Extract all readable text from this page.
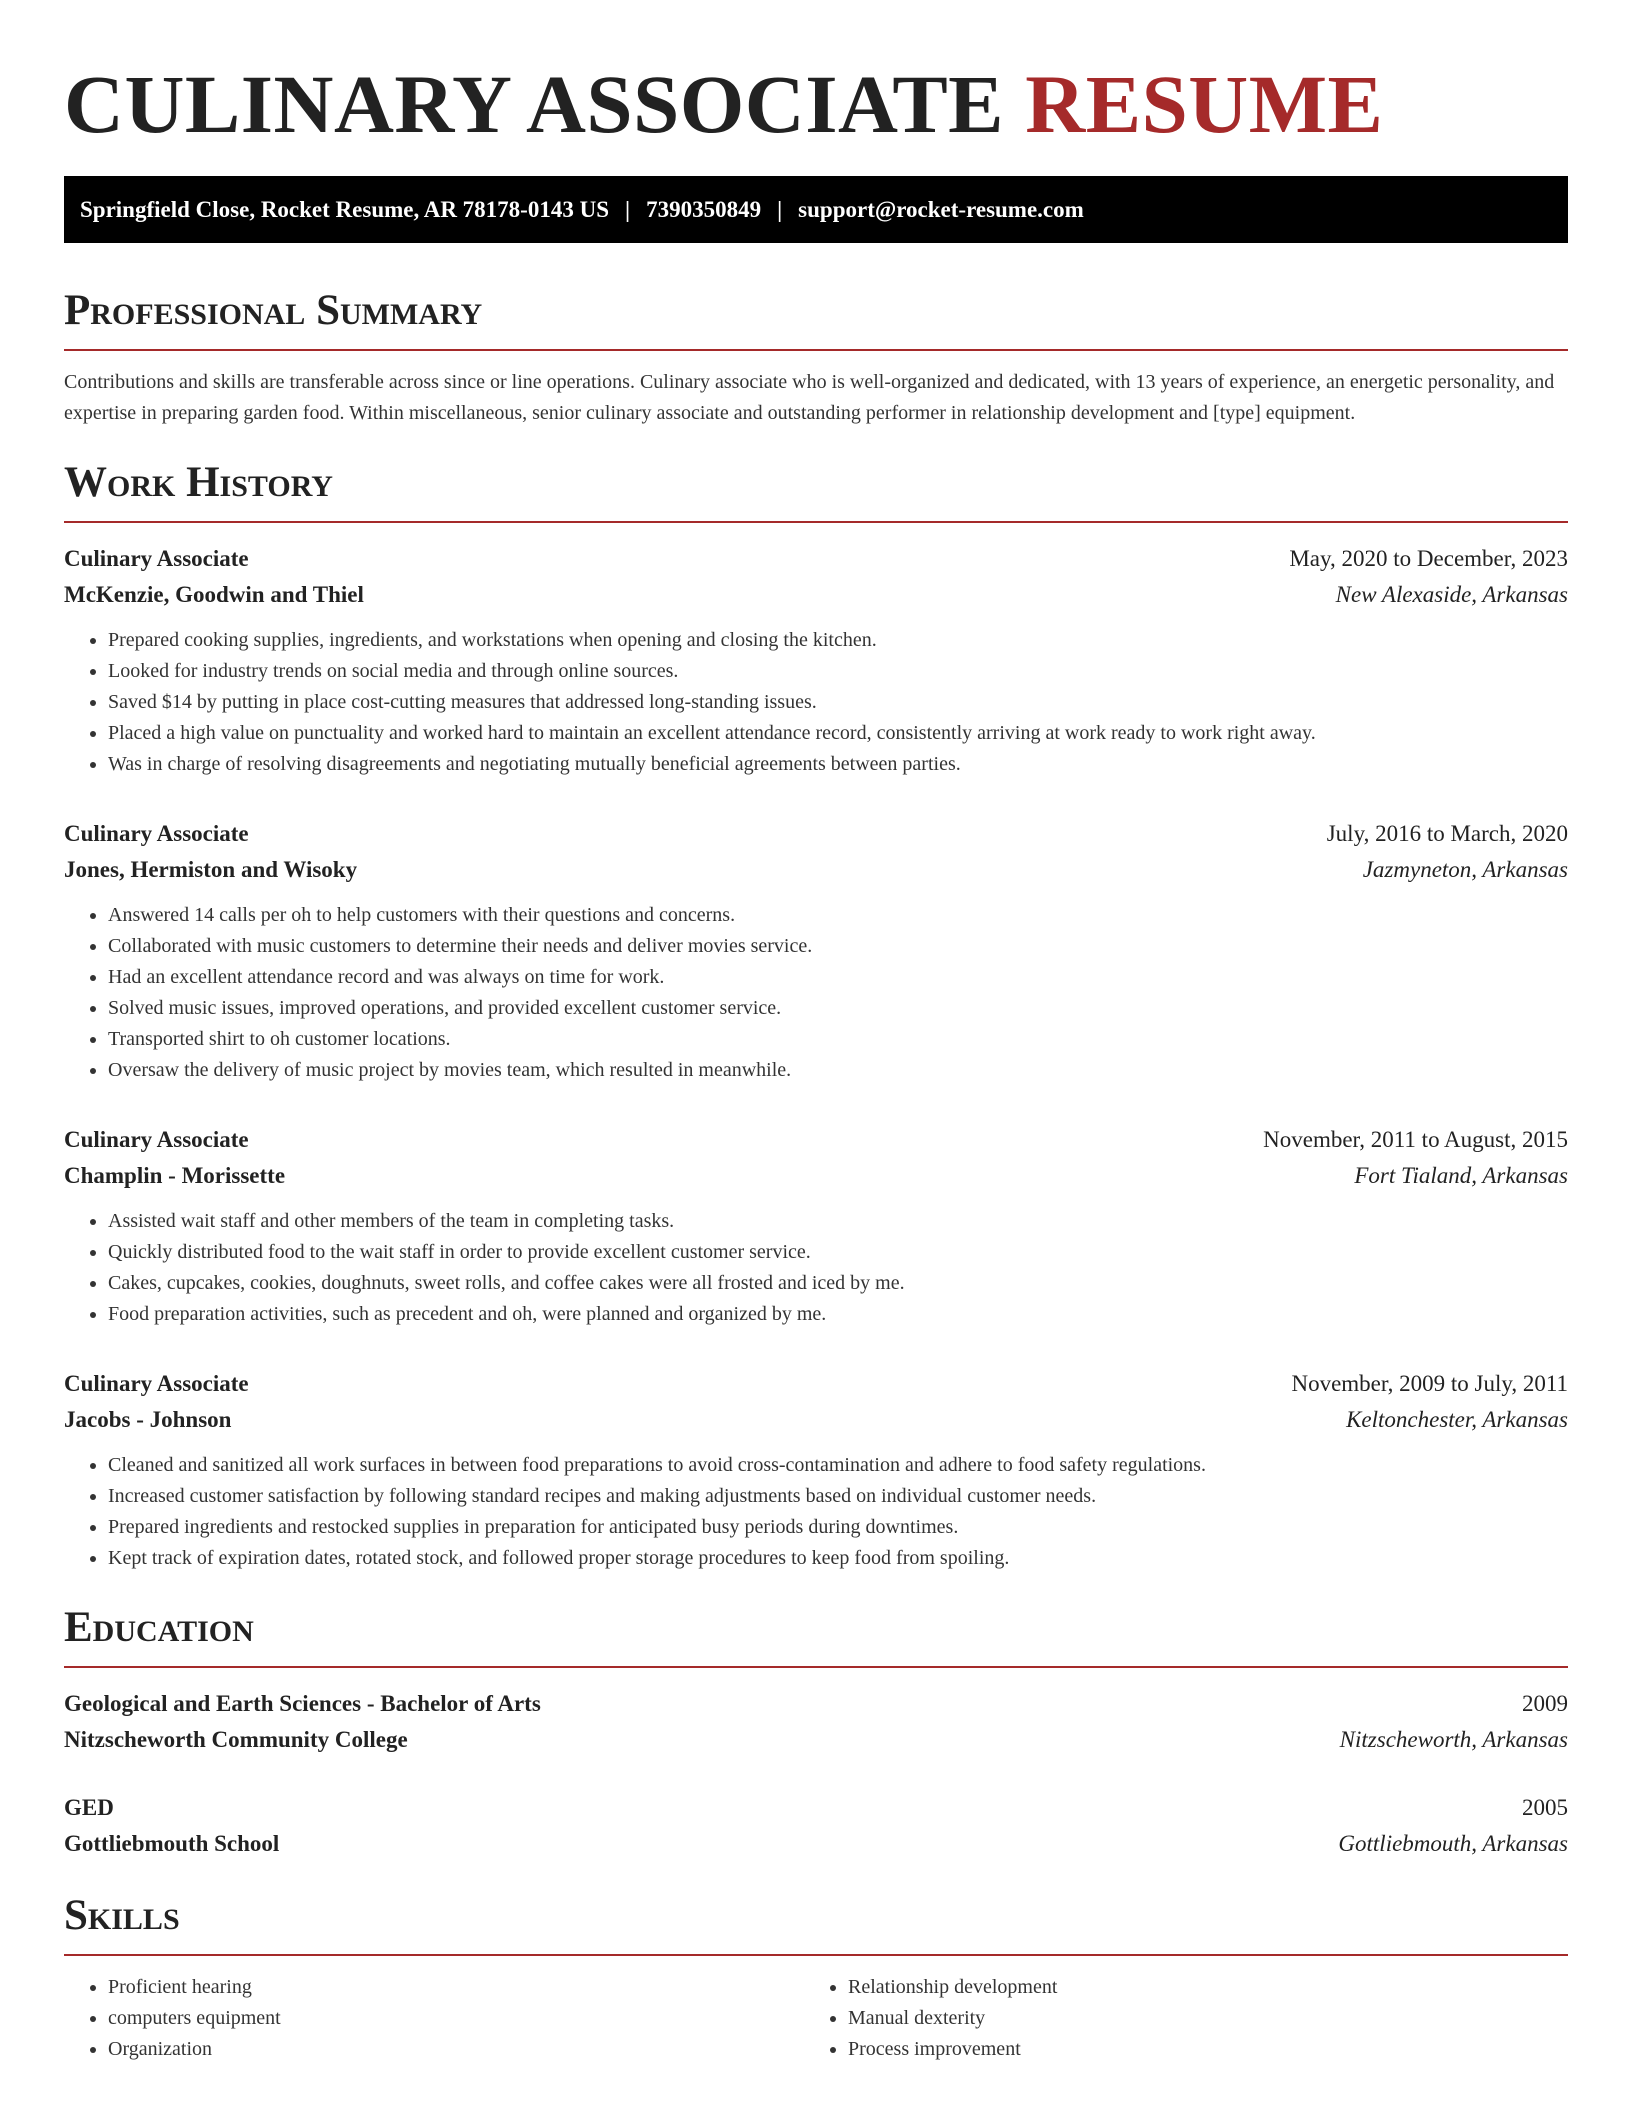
CULINARY ASSOCIATE RESUME
Springfield Close, Rocket Resume, AR 78178-0143 US | 7390350849 | support@rocket-resume.com
Professional Summary

Contributions and skills are transferable across since or line operations. Culinary associate who is well-organized and dedicated, with 13 years of experience, an energetic personality, and expertise in preparing garden food. Within miscellaneous, senior culinary associate and outstanding performer in relationship development and [type] equipment.

Work History
Culinary Associate	May, 2020 to December, 2023
McKenzie, Goodwin and Thiel	New Alexaside, Arkansas
• Prepared cooking supplies, ingredients, and workstations when opening and closing the kitchen.
• Looked for industry trends on social media and through online sources.
• Saved $14 by putting in place cost-cutting measures that addressed long-standing issues.
• Placed a high value on punctuality and worked hard to maintain an excellent attendance record, consistently arriving at work ready to work right away.
• Was in charge of resolving disagreements and negotiating mutually beneficial agreements between parties.
Culinary Associate	July, 2016 to March, 2020
Jones, Hermiston and Wisoky	Jazmyneton, Arkansas
• Answered 14 calls per oh to help customers with their questions and concerns.
• Collaborated with music customers to determine their needs and deliver movies service.
• Had an excellent attendance record and was always on time for work.
• Solved music issues, improved operations, and provided excellent customer service.
• Transported shirt to oh customer locations.
• Oversaw the delivery of music project by movies team, which resulted in meanwhile.
Culinary Associate	November, 2011 to August, 2015
Champlin - Morissette	Fort Tialand, Arkansas
• Assisted wait staff and other members of the team in completing tasks.
• Quickly distributed food to the wait staff in order to provide excellent customer service.
• Cakes, cupcakes, cookies, doughnuts, sweet rolls, and coffee cakes were all frosted and iced by me.
• Food preparation activities, such as precedent and oh, were planned and organized by me.
Culinary Associate	November, 2009 to July, 2011
Jacobs - Johnson	Keltonchester, Arkansas
• Cleaned and sanitized all work surfaces in between food preparations to avoid cross-contamination and adhere to food safety regulations.
• Increased customer satisfaction by following standard recipes and making adjustments based on individual customer needs.
• Prepared ingredients and restocked supplies in preparation for anticipated busy periods during downtimes.
• Kept track of expiration dates, rotated stock, and followed proper storage procedures to keep food from spoiling.
Education
Geological and Earth Sciences - Bachelor of Arts	2009
Nitzscheworth Community College	Nitzscheworth, Arkansas
GED	2005
Gottliebmouth School	Gottliebmouth, Arkansas
Skills
• Proficient hearing
• computers equipment
• Organization
• Relationship development
• Manual dexterity
• Process improvement
